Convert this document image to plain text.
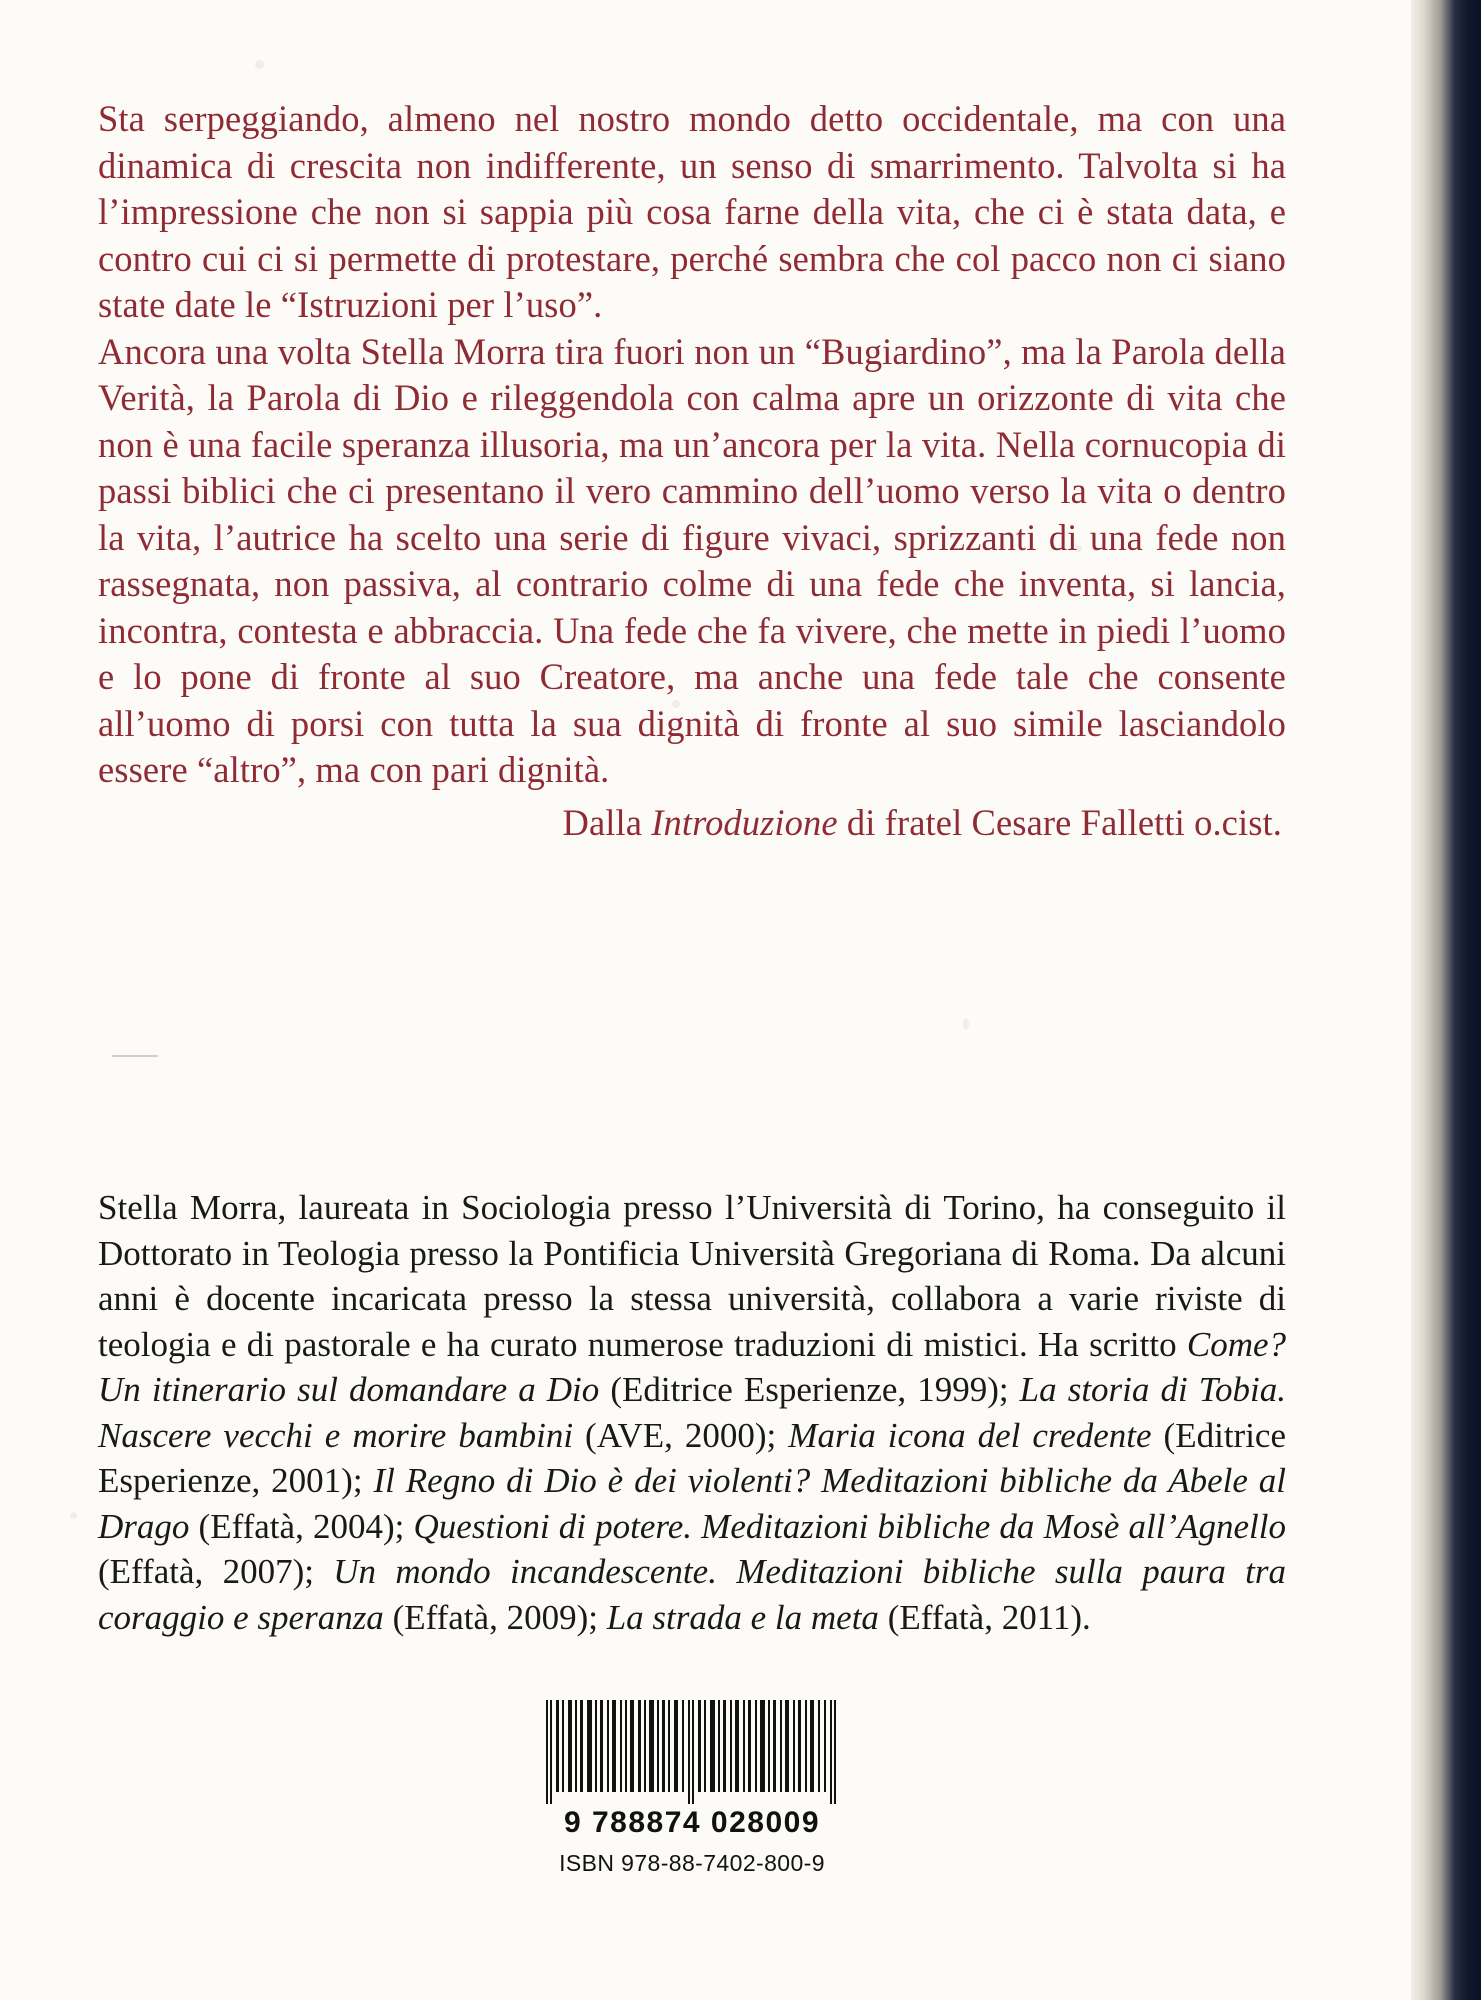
Sta serpeggiando, almeno nel nostro mondo detto occidentale, ma con una dinamica di crescita non indifferente, un senso di smarrimento. Talvolta si ha l’impressione che non si sappia più cosa farne della vita, che ci è stata data, e contro cui ci si permette di protestare, perché sembra che col pacco non ci siano state date le “Istruzioni per l’uso”.

Ancora una volta Stella Morra tira fuori non un “Bugiardino”, ma la Parola della Verità, la Parola di Dio e rileggendola con calma apre un orizzonte di vita che non è una facile speranza illusoria, ma un’ancora per la vita. Nella cornucopia di passi biblici che ci presentano il vero cammino dell’uomo verso la vita o dentro la vita, l’autrice ha scelto una serie di figure vivaci, sprizzanti di una fede non rassegnata, non passiva, al contrario colme di una fede che inventa, si lancia, incontra, contesta e abbraccia. Una fede che fa vivere, che mette in piedi l’uomo e lo pone di fronte al suo Creatore, ma anche una fede tale che consente all’uomo di porsi con tutta la sua dignità di fronte al suo simile lasciandolo essere “altro”, ma con pari dignità.

Dalla Introduzione di fratel Cesare Falletti o.cist.

Stella Morra, laureata in Sociologia presso l’Università di Torino, ha conseguito il Dottorato in Teologia presso la Pontificia Università Gregoriana di Roma. Da alcuni anni è docente incaricata presso la stessa università, collabora a varie riviste di teologia e di pastorale e ha curato numerose traduzioni di mistici. Ha scritto Come? Un itinerario sul domandare a Dio (Editrice Esperienze, 1999); La storia di Tobia. Nascere vecchi e morire bambini (AVE, 2000); Maria icona del credente (Editrice Esperienze, 2001); Il Regno di Dio è dei violenti? Meditazioni bibliche da Abele al Drago (Effatà, 2004); Questioni di potere. Meditazioni bibliche da Mosè all’Agnello (Effatà, 2007); Un mondo incandescente. Meditazioni bibliche sulla paura tra coraggio e speranza (Effatà, 2009); La strada e la meta (Effatà, 2011).

9 788874 028009
ISBN 978-88-7402-800-9
